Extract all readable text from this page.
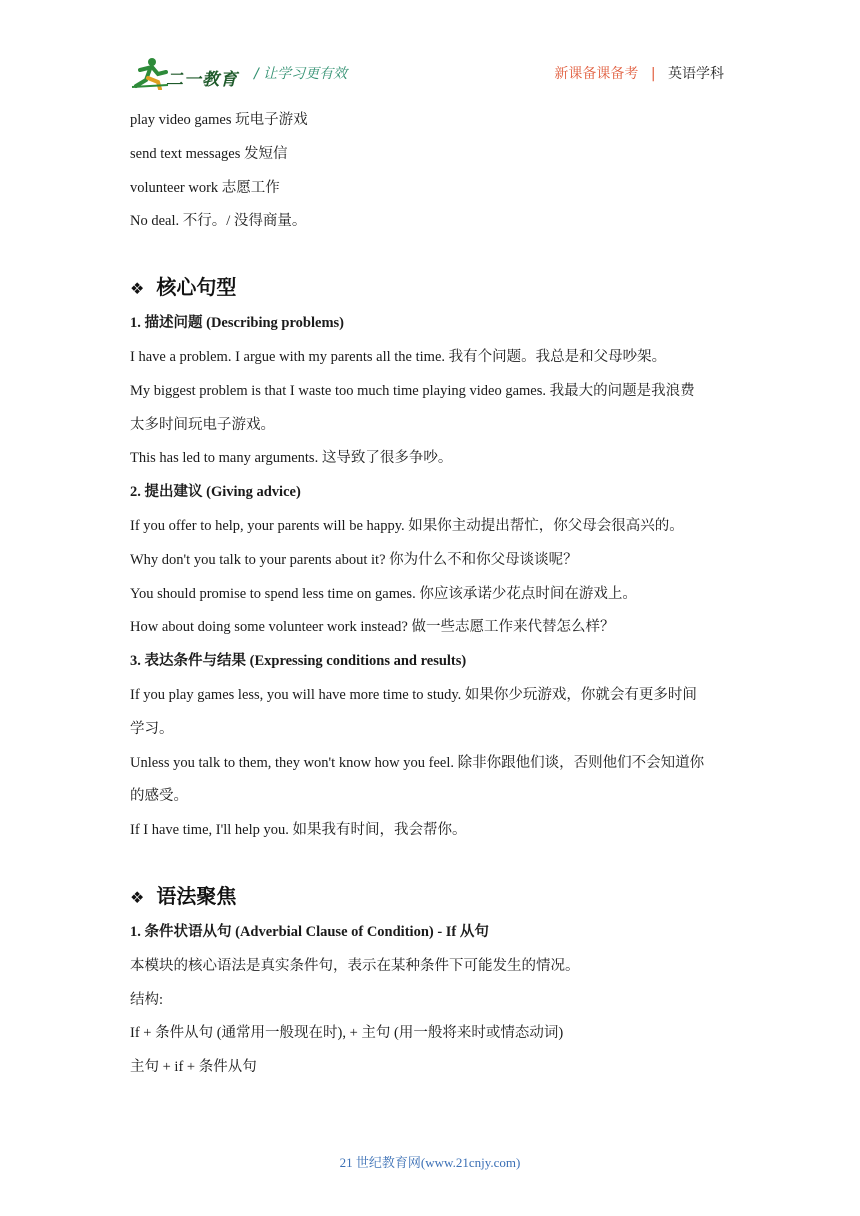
二一教育 / 让学习更有效	新课备课备考 | 英语学科

play video games 玩电子游戏

send text messages 发短信

volunteer work 志愿工作

No deal. 不行。/ 没得商量。

❖ 核心句型

1. 描述问题 (Describing problems)

I have a problem. I argue with my parents all the time. 我有个问题。我总是和父母吵架。

My biggest problem is that I waste too much time playing video games. 我最大的问题是我浪费

太多时间玩电子游戏。

This has led to many arguments. 这导致了很多争吵。

2. 提出建议 (Giving advice)

If you offer to help, your parents will be happy. 如果你主动提出帮忙，你父母会很高兴的。

Why don't you talk to your parents about it? 你为什么不和你父母谈谈呢？

You should promise to spend less time on games. 你应该承诺少花点时间在游戏上。

How about doing some volunteer work instead? 做一些志愿工作来代替怎么样？

3. 表达条件与结果 (Expressing conditions and results)

If you play games less, you will have more time to study. 如果你少玩游戏，你就会有更多时间

学习。

Unless you talk to them, they won't know how you feel. 除非你跟他们谈，否则他们不会知道你

的感受。

If I have time, I'll help you. 如果我有时间，我会帮你。

❖ 语法聚焦

1. 条件状语从句 (Adverbial Clause of Condition) - If 从句

本模块的核心语法是真实条件句，表示在某种条件下可能发生的情况。

结构:

If + 条件从句 (通常用一般现在时), + 主句 (用一般将来时或情态动词)

主句 + if + 条件从句

21 世纪教育网(www.21cnjy.com)
